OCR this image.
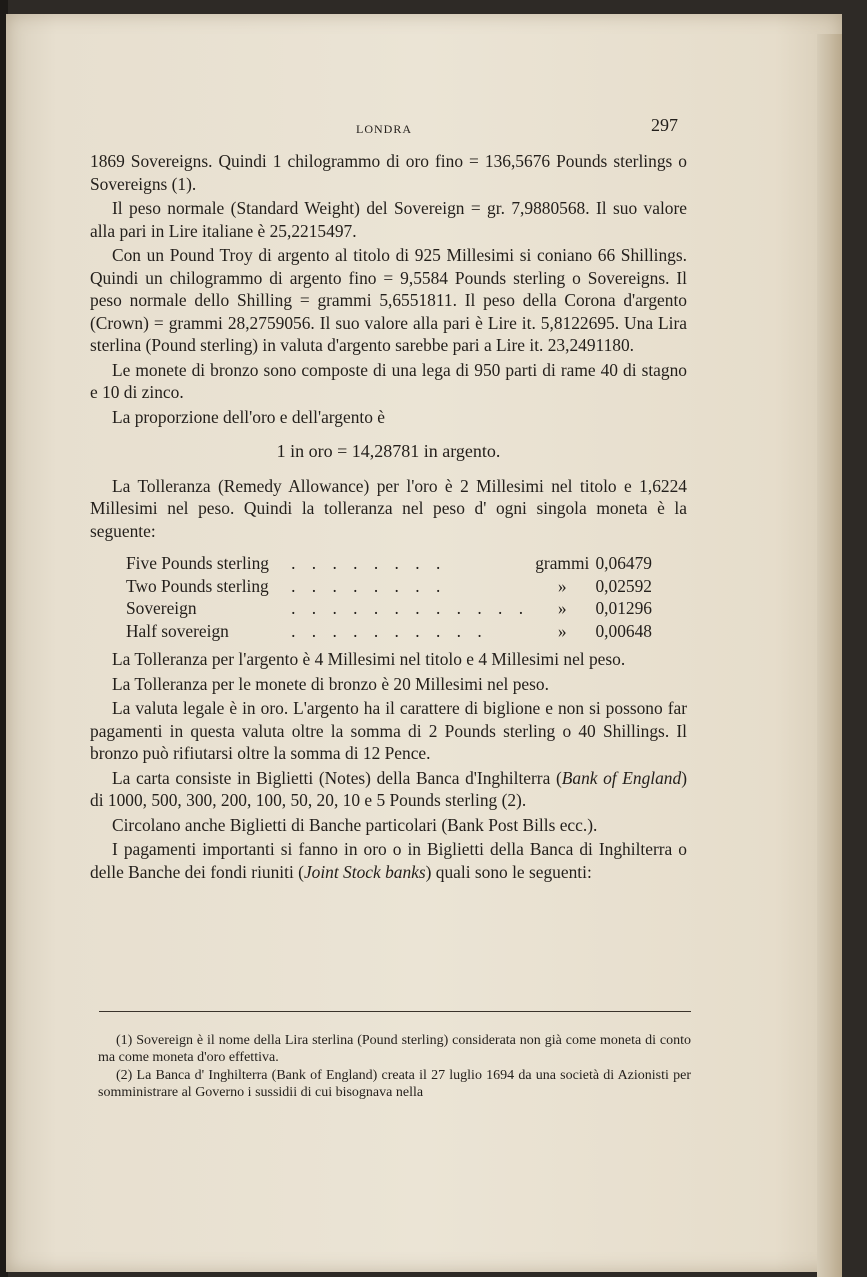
LONDRA	297

1869 Sovereigns. Quindi 1 chilogrammo di oro fino = 136,5676 Pounds sterlings o Sovereigns (1).

Il peso normale (Standard Weight) del Sovereign = gr. 7,9880568. Il suo valore alla pari in Lire italiane è 25,2215497.

Con un Pound Troy di argento al titolo di 925 Millesimi si coniano 66 Shillings. Quindi un chilogrammo di argento fino = 9,5584 Pounds sterling o Sovereigns. Il peso normale dello Shilling = grammi 5,6551811. Il peso della Corona d'argento (Crown) = grammi 28,2759056. Il suo valore alla pari è Lire it. 5,8122695. Una Lira sterlina (Pound sterling) in valuta d'argento sarebbe pari a Lire it. 23,2491180.

Le monete di bronzo sono composte di una lega di 950 parti di rame 40 di stagno e 10 di zinco.

La proporzione dell'oro e dell'argento è

1 in oro = 14,28781 in argento.

La Tolleranza (Remedy Allowance) per l'oro è 2 Millesimi nel titolo e 1,6224 Millesimi nel peso. Quindi la tolleranza nel peso d' ogni singola moneta è la seguente:

Five Pounds sterling	. . . . . . . .	grammi	0,06479
Two Pounds sterling	. . . . . . . .	»	0,02592
Sovereign	. . . . . . . . . . . .	»	0,01296
Half sovereign	. . . . . . . . . .	»	0,00648

La Tolleranza per l'argento è 4 Millesimi nel titolo e 4 Millesimi nel peso.

La Tolleranza per le monete di bronzo è 20 Millesimi nel peso.

La valuta legale è in oro. L'argento ha il carattere di biglione e non si possono far pagamenti in questa valuta oltre la somma di 2 Pounds sterling o 40 Shillings. Il bronzo può rifiutarsi oltre la somma di 12 Pence.

La carta consiste in Biglietti (Notes) della Banca d'Inghilterra (Bank of England) di 1000, 500, 300, 200, 100, 50, 20, 10 e 5 Pounds sterling (2).

Circolano anche Biglietti di Banche particolari (Bank Post Bills ecc.).

I pagamenti importanti si fanno in oro o in Biglietti della Banca di Inghilterra o delle Banche dei fondi riuniti (Joint Stock banks) quali sono le seguenti:

(1) Sovereign è il nome della Lira sterlina (Pound sterling) considerata non già come moneta di conto ma come moneta d'oro effettiva.

(2) La Banca d' Inghilterra (Bank of England) creata il 27 luglio 1694 da una società di Azionisti per somministrare al Governo i sussidii di cui bisognava nella
